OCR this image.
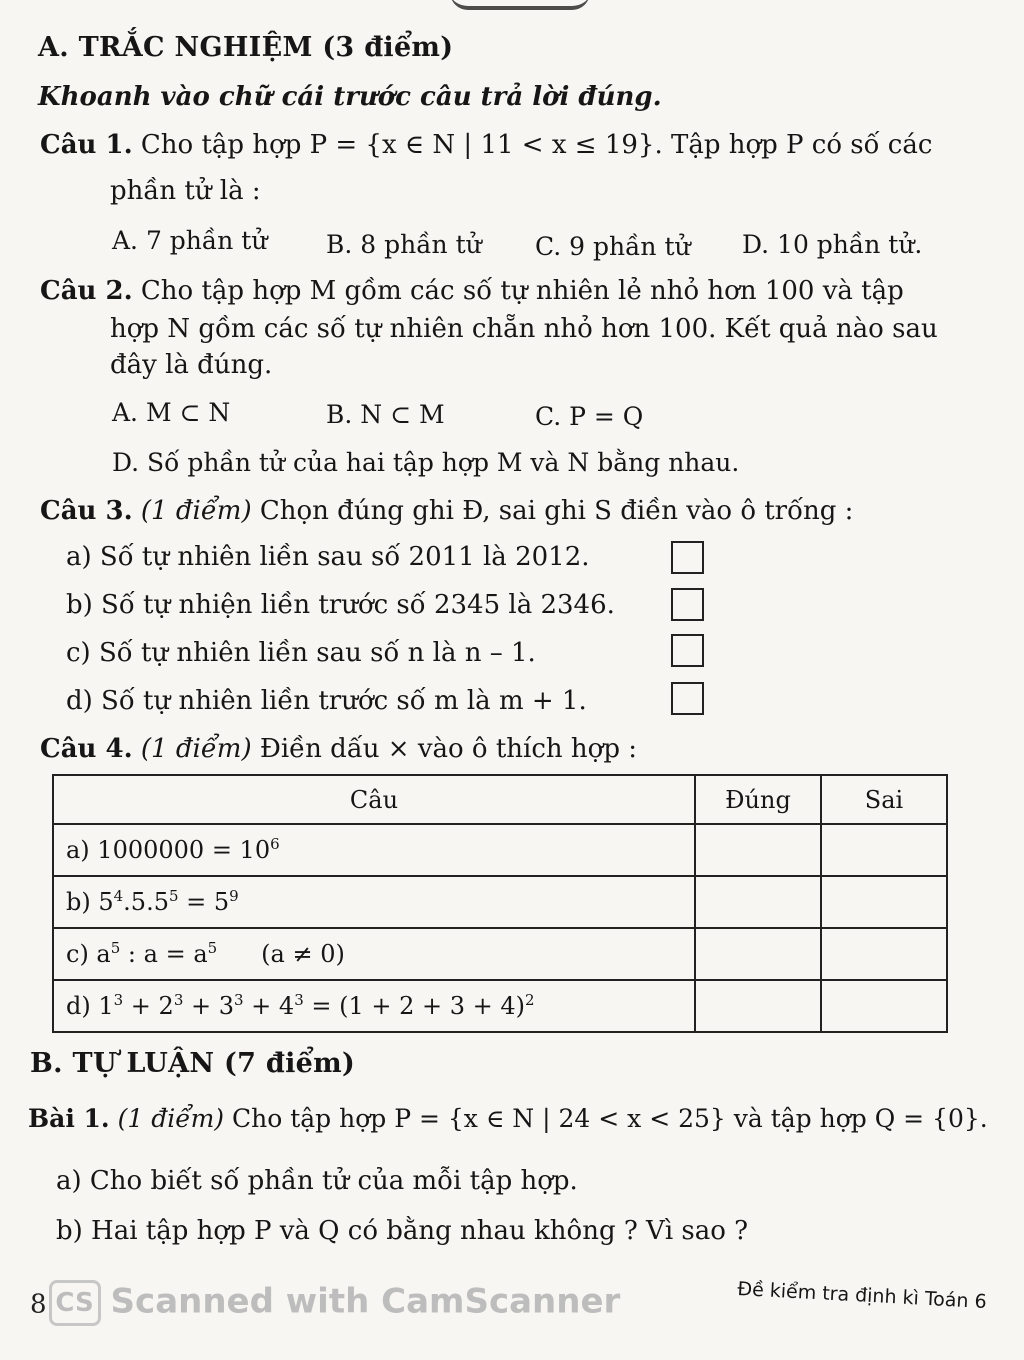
A. TRẮC NGHIỆM (3 điểm)
Khoanh vào chữ cái trước câu trả lời đúng.
Câu 1. Cho tập hợp P = {x ∈ N | 11 < x ≤ 19}. Tập hợp P có số các
phần tử là :
A. 7 phần tử B. 8 phần tử C. 9 phần tử D. 10 phần tử.
Câu 2. Cho tập hợp M gồm các số tự nhiên lẻ nhỏ hơn 100 và tập
hợp N gồm các số tự nhiên chẵn nhỏ hơn 100. Kết quả nào sau
đây là đúng.
A. M ⊂ N	B. N ⊂ M	C. P = Q
D. Số phần tử của hai tập hợp M và N bằng nhau.
Câu 3. (1 điểm) Chọn đúng ghi Đ, sai ghi S điền vào ô trống :
a) Số tự nhiên liền sau số 2011 là 2012.
b) Số tự nhiện liền trước số 2345 là 2346.
c) Số tự nhiên liền sau số n là n – 1.
d) Số tự nhiên liền trước số m là m + 1.
Câu 4. (1 điểm) Điền dấu × vào ô thích hợp :
Câu	Đúng	Sai
a) $1000000 = 10^6$		
b) $5^4.5.5^5 = 5^9$		
c) $a^5$ : $a = a^5$ (a ≠ 0)		
d) $1^3 + 2^3 + 3^3 + 4^3 = (1 + 2 + 3 + 4)^2$		
B. TỰ LUẬN (7 điểm)
Bài 1. (1 điểm) Cho tập hợp P = {x ∈ N | 24 < x < 25} và tập hợp Q = {0}.
a) Cho biết số phần tử của mỗi tập hợp.
b) Hai tập hợp P và Q có bằng nhau không ? Vì sao ?
8 CS Scanned with CamScanner	Đề kiểm tra định kì Toán 6
